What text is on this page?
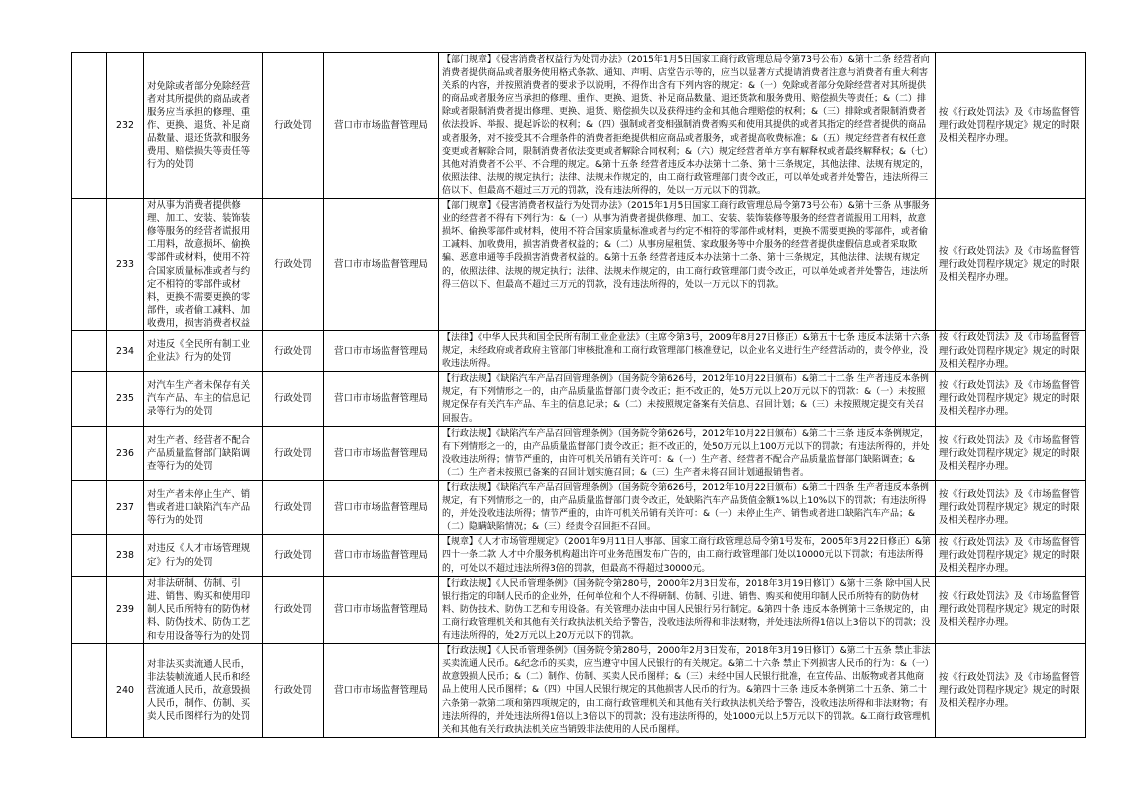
	232	对免除或者部分免除经营者对其所提供的商品或者服务应当承担的修理、重作、更换、退货、补足商品数量、退还货款和服务费用、赔偿损失等责任等行为的处罚	行政处罚	营口市市场监督管理局	【部门规章】《侵害消费者权益行为处罚办法》（2015年1月5日国家工商行政管理总局令第73号公布）&第十二条 经营者向消费者提供商品或者服务使用格式条款、通知、声明、店堂告示等的，应当以显著方式提请消费者注意与消费者有重大利害关系的内容，并按照消费者的要求予以说明，不得作出含有下列内容的规定：&（一）免除或者部分免除经营者对其所提供的商品或者服务应当承担的修理、重作、更换、退货、补足商品数量、退还货款和服务费用、赔偿损失等责任；&（二）排除或者限制消费者提出修理、更换、退货、赔偿损失以及获得违约金和其他合理赔偿的权利；&（三）排除或者限制消费者依法投诉、举报、提起诉讼的权利；&（四）强制或者变相强制消费者购买和使用其提供的或者其指定的经营者提供的商品或者服务，对不接受其不合理条件的消费者拒绝提供相应商品或者服务，或者提高收费标准；&（五）规定经营者有权任意变更或者解除合同，限制消费者依法变更或者解除合同权利；&（六）规定经营者单方享有解释权或者最终解释权；&（七）其他对消费者不公平、不合理的规定。&第十五条 经营者违反本办法第十二条、第十三条规定，其他法律、法规有规定的，依照法律、法规的规定执行；法律、法规未作规定的，由工商行政管理部门责令改正，可以单处或者并处警告，违法所得三倍以下、但最高不超过三万元的罚款，没有违法所得的，处以一万元以下的罚款。	按《行政处罚法》及《市场监督管理行政处罚程序规定》规定的时限及相关程序办理。
	233	对从事为消费者提供修理、加工、安装、装饰装修等服务的经营者谎报用工用料，故意损坏、偷换零部件或材料，使用不符合国家质量标准或者与约定不相符的零部件或材料，更换不需要更换的零部件，或者偷工减料、加收费用，损害消费者权益	行政处罚	营口市市场监督管理局	【部门规章】《侵害消费者权益行为处罚办法》（2015年1月5日国家工商行政管理总局令第73号公布）&第十三条 从事服务业的经营者不得有下列行为：&（一）从事为消费者提供修理、加工、安装、装饰装修等服务的经营者谎报用工用料，故意损坏、偷换零部件或材料，使用不符合国家质量标准或者与约定不相符的零部件或材料，更换不需要更换的零部件，或者偷工减料、加收费用，损害消费者权益的；&（二）从事房屋租赁、家政服务等中介服务的经营者提供虚假信息或者采取欺骗、恶意串通等手段损害消费者权益的。&第十五条 经营者违反本办法第十二条、第十三条规定，其他法律、法规有规定的，依照法律、法规的规定执行；法律、法规未作规定的，由工商行政管理部门责令改正，可以单处或者并处警告，违法所得三倍以下、但最高不超过三万元的罚款，没有违法所得的，处以一万元以下的罚款。	按《行政处罚法》及《市场监督管理行政处罚程序规定》规定的时限及相关程序办理。
	234	对违反《全民所有制工业企业法》行为的处罚	行政处罚	营口市市场监督管理局	【法律】《中华人民共和国全民所有制工业企业法》（主席令第3号，2009年8月27日修正）&第五十七条 违反本法第十六条规定，未经政府或者政府主管部门审核批准和工商行政管理部门核准登记，以企业名义进行生产经营活动的，责令停业，没收违法所得。	按《行政处罚法》及《市场监督管理行政处罚程序规定》规定的时限及相关程序办理。
	235	对汽车生产者未保存有关汽车产品、车主的信息记录等行为的处罚	行政处罚	营口市市场监督管理局	【行政法规】《缺陷汽车产品召回管理条例》（国务院令第626号，2012年10月22日颁布）&第二十二条 生产者违反本条例规定，有下列情形之一的，由产品质量监督部门责令改正；拒不改正的，处5万元以上20万元以下的罚款：&（一）未按照规定保存有关汽车产品、车主的信息记录；&（二）未按照规定备案有关信息、召回计划；&（三）未按照规定提交有关召回报告。	按《行政处罚法》及《市场监督管理行政处罚程序规定》规定的时限及相关程序办理。
	236	对生产者、经营者不配合产品质量监督部门缺陷调查等行为的处罚	行政处罚	营口市市场监督管理局	【行政法规】《缺陷汽车产品召回管理条例》（国务院令第626号，2012年10月22日颁布）&第二十三条 违反本条例规定，有下列情形之一的，由产品质量监督部门责令改正；拒不改正的，处50万元以上100万元以下的罚款；有违法所得的，并处没收违法所得；情节严重的，由许可机关吊销有关许可：&（一）生产者、经营者不配合产品质量监督部门缺陷调查；&（二）生产者未按照已备案的召回计划实施召回；&（三）生产者未将召回计划通报销售者。	按《行政处罚法》及《市场监督管理行政处罚程序规定》规定的时限及相关程序办理。
	237	对生产者未停止生产、销售或者进口缺陷汽车产品等行为的处罚	行政处罚	营口市市场监督管理局	【行政法规】《缺陷汽车产品召回管理条例》（国务院令第626号，2012年10月22日颁布）&第二十四条 生产者违反本条例规定，有下列情形之一的，由产品质量监督部门责令改正，处缺陷汽车产品货值金额1%以上10%以下的罚款；有违法所得的，并处没收违法所得；情节严重的，由许可机关吊销有关许可：&（一）未停止生产、销售或者进口缺陷汽车产品；&（二）隐瞒缺陷情况；&（三）经责令召回拒不召回。	按《行政处罚法》及《市场监督管理行政处罚程序规定》规定的时限及相关程序办理。
	238	对违反《人才市场管理规定》行为的处罚	行政处罚	营口市市场监督管理局	【规章】《人才市场管理规定》（2001年9月11日人事部、国家工商行政管理总局令第1号发布，2005年3月22日修正）&第四十一条二款 人才中介服务机构超出许可业务范围发布广告的，由工商行政管理部门处以10000元以下罚款；有违法所得的，可处以不超过违法所得3倍的罚款，但最高不得超过30000元。	按《行政处罚法》及《市场监督管理行政处罚程序规定》规定的时限及相关程序办理。
	239	对非法研制、仿制、引进、销售、购买和使用印制人民币所特有的防伪材料、防伪技术、防伪工艺和专用设备等行为的处罚	行政处罚	营口市市场监督管理局	【行政法规】《人民币管理条例》（国务院令第280号，2000年2月3日发布，2018年3月19日修订）&第十三条 除中国人民银行指定的印制人民币的企业外，任何单位和个人不得研制、仿制、引进、销售、购买和使用印制人民币所特有的防伪材料、防伪技术、防伪工艺和专用设备。有关管理办法由中国人民银行另行制定。&第四十条 违反本条例第十三条规定的，由工商行政管理机关和其他有关行政执法机关给予警告，没收违法所得和非法财物，并处违法所得1倍以上3倍以下的罚款；没有违法所得的，处2万元以上20万元以下的罚款。	按《行政处罚法》及《市场监督管理行政处罚程序规定》规定的时限及相关程序办理。
	240	对非法买卖流通人民币，非法装帧流通人民币和经营流通人民币，故意毁损人民币，制作、仿制、买卖人民币图样行为的处罚	行政处罚	营口市市场监督管理局	【行政法规】《人民币管理条例》（国务院令第280号，2000年2月3日发布，2018年3月19日修订）&第二十五条 禁止非法买卖流通人民币。&纪念币的买卖，应当遵守中国人民银行的有关规定。&第二十六条 禁止下列损害人民币的行为：&（一）故意毁损人民币；&（二）制作、仿制、买卖人民币图样；&（三）未经中国人民银行批准，在宣传品、出版物或者其他商品上使用人民币图样；&（四）中国人民银行规定的其他损害人民币的行为。&第四十三条 违反本条例第二十五条、第二十六条第一款第二项和第四项规定的，由工商行政管理机关和其他有关行政执法机关给予警告，没收违法所得和非法财物；有违法所得的，并处违法所得1倍以上3倍以下的罚款；没有违法所得的，处1000元以上5万元以下的罚款。&工商行政管理机关和其他有关行政执法机关应当销毁非法使用的人民币图样。	按《行政处罚法》及《市场监督管理行政处罚程序规定》规定的时限及相关程序办理。
